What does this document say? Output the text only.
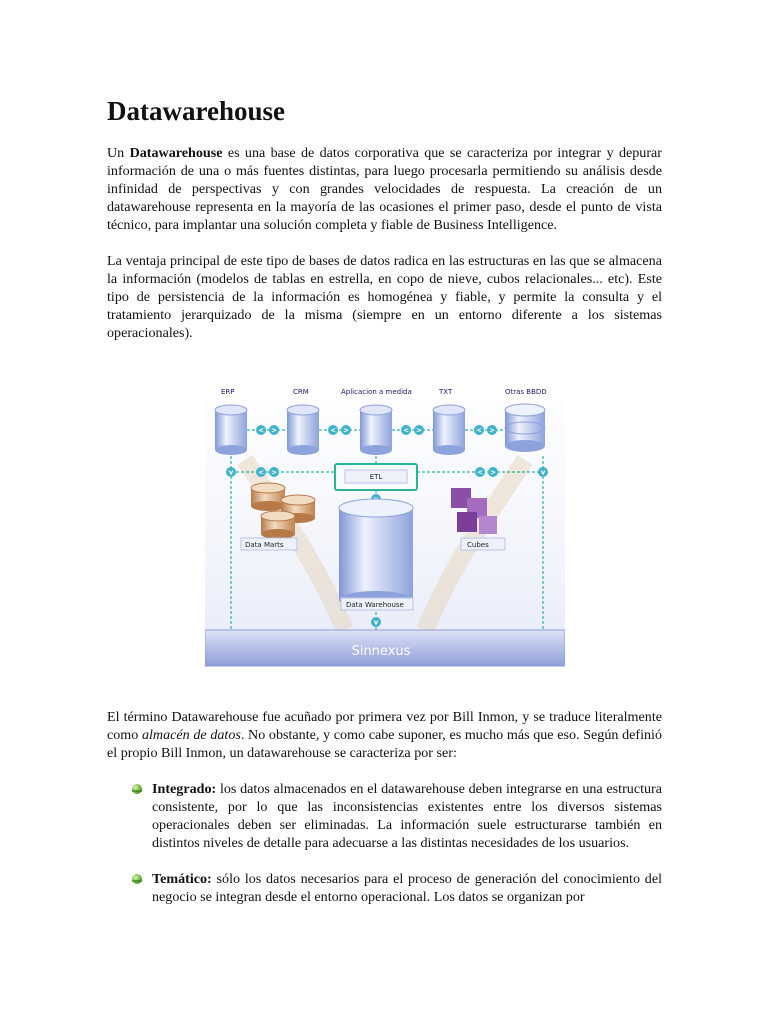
Datawarehouse

Un Datawarehouse es una base de datos corporativa que se caracteriza por integrar y depurar información de una o más fuentes distintas, para luego procesarla permitiendo su análisis desde infinidad de perspectivas y con grandes velocidades de respuesta. La creación de un datawarehouse representa en la mayoría de las ocasiones el primer paso, desde el punto de vista técnico, para implantar una solución completa y fiable de Business Intelligence.

La ventaja principal de este tipo de bases de datos radica en las estructuras en las que se almacena la información (modelos de tablas en estrella, en copo de nieve, cubos relacionales... etc). Este tipo de persistencia de la información es homogénea y fiable, y permite la consulta y el tratamiento jerarquizado de la misma (siempre en un entorno diferente a los sistemas operacionales).

ERP	CRM	Aplicacion a medida	TXT	Otras BBDD
< >	< >	< >	< >
v	< >	< >	v
v
ETL
Data Marts	Cubes
Data Warehouse
Sinnexus

El término Datawarehouse fue acuñado por primera vez por Bill Inmon, y se traduce literalmente como almacén de datos. No obstante, y como cabe suponer, es mucho más que eso. Según definió el propio Bill Inmon, un datawarehouse se caracteriza por ser:

Integrado: los datos almacenados en el datawarehouse deben integrarse en una estructura consistente, por lo que las inconsistencias existentes entre los diversos sistemas operacionales deben ser eliminadas. La información suele estructurarse también en distintos niveles de detalle para adecuarse a las distintas necesidades de los usuarios.
Temático: sólo los datos necesarios para el proceso de generación del conocimiento del negocio se integran desde el entorno operacional. Los datos se organizan por
